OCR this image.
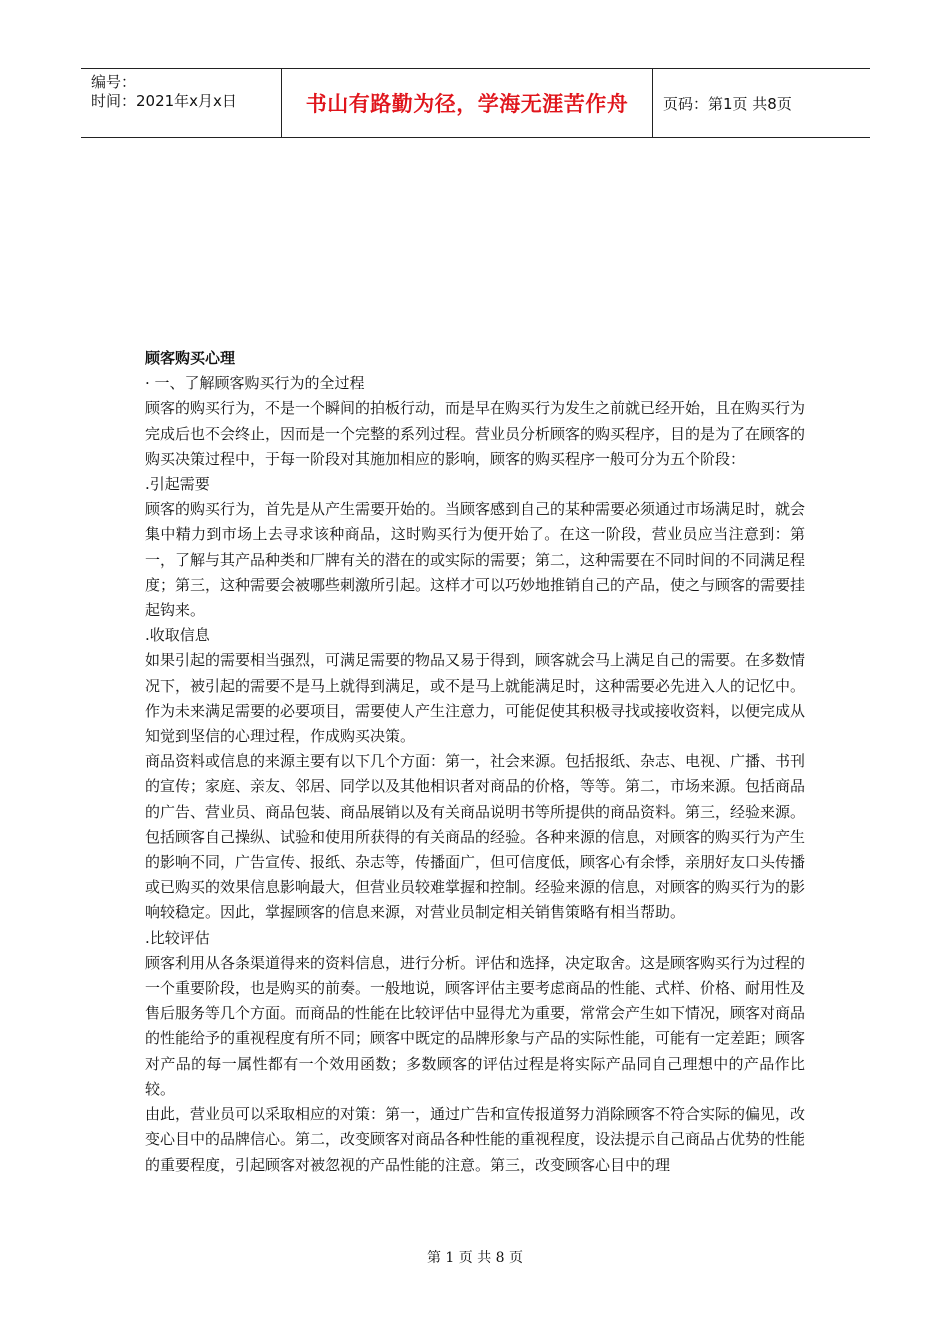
编号：
时间：2021年x月x日	书山有路勤为径，学海无涯苦作舟	页码：第1页 共8页

顾客购买心理

· 一、了解顾客购买行为的全过程

顾客的购买行为，不是一个瞬间的拍板行动，而是早在购买行为发生之前就已经开始，且在购买行为完成后也不会终止，因而是一个完整的系列过程。营业员分析顾客的购买程序，目的是为了在顾客的购买决策过程中，于每一阶段对其施加相应的影响，顾客的购买程序一般可分为五个阶段：

.引起需要

顾客的购买行为，首先是从产生需要开始的。当顾客感到自己的某种需要必须通过市场满足时，就会集中精力到市场上去寻求该种商品，这时购买行为便开始了。在这一阶段，营业员应当注意到：第一，了解与其产品种类和厂牌有关的潜在的或实际的需要；第二，这种需要在不同时间的不同满足程度；第三，这种需要会被哪些刺激所引起。这样才可以巧妙地推销自己的产品，使之与顾客的需要挂起钩来。

.收取信息

如果引起的需要相当强烈，可满足需要的物品又易于得到，顾客就会马上满足自己的需要。在多数情况下，被引起的需要不是马上就得到满足，或不是马上就能满足时，这种需要必先进入人的记忆中。作为未来满足需要的必要项目，需要使人产生注意力，可能促使其积极寻找或接收资料，以便完成从知觉到坚信的心理过程，作成购买决策。

商品资料或信息的来源主要有以下几个方面：第一，社会来源。包括报纸、杂志、电视、广播、书刊的宣传；家庭、亲友、邻居、同学以及其他相识者对商品的价格，等等。第二，市场来源。包括商品的广告、营业员、商品包装、商品展销以及有关商品说明书等所提供的商品资料。第三，经验来源。包括顾客自己操纵、试验和使用所获得的有关商品的经验。各种来源的信息，对顾客的购买行为产生的影响不同，广告宣传、报纸、杂志等，传播面广，但可信度低，顾客心有余悸，亲朋好友口头传播或已购买的效果信息影响最大，但营业员较难掌握和控制。经验来源的信息，对顾客的购买行为的影响较稳定。因此，掌握顾客的信息来源，对营业员制定相关销售策略有相当帮助。

.比较评估

顾客利用从各条渠道得来的资料信息，进行分析。评估和选择，决定取舍。这是顾客购买行为过程的一个重要阶段，也是购买的前奏。一般地说，顾客评估主要考虑商品的性能、式样、价格、耐用性及售后服务等几个方面。而商品的性能在比较评估中显得尤为重要，常常会产生如下情况，顾客对商品的性能给予的重视程度有所不同；顾客中既定的品牌形象与产品的实际性能，可能有一定差距；顾客对产品的每一属性都有一个效用函数；多数顾客的评估过程是将实际产品同自己理想中的产品作比较。

由此，营业员可以采取相应的对策：第一，通过广告和宣传报道努力消除顾客不符合实际的偏见，改变心目中的品牌信心。第二，改变顾客对商品各种性能的重视程度，设法提示自己商品占优势的性能的重要程度，引起顾客对被忽视的产品性能的注意。第三，改变顾客心目中的理

第 1 页 共 8 页
